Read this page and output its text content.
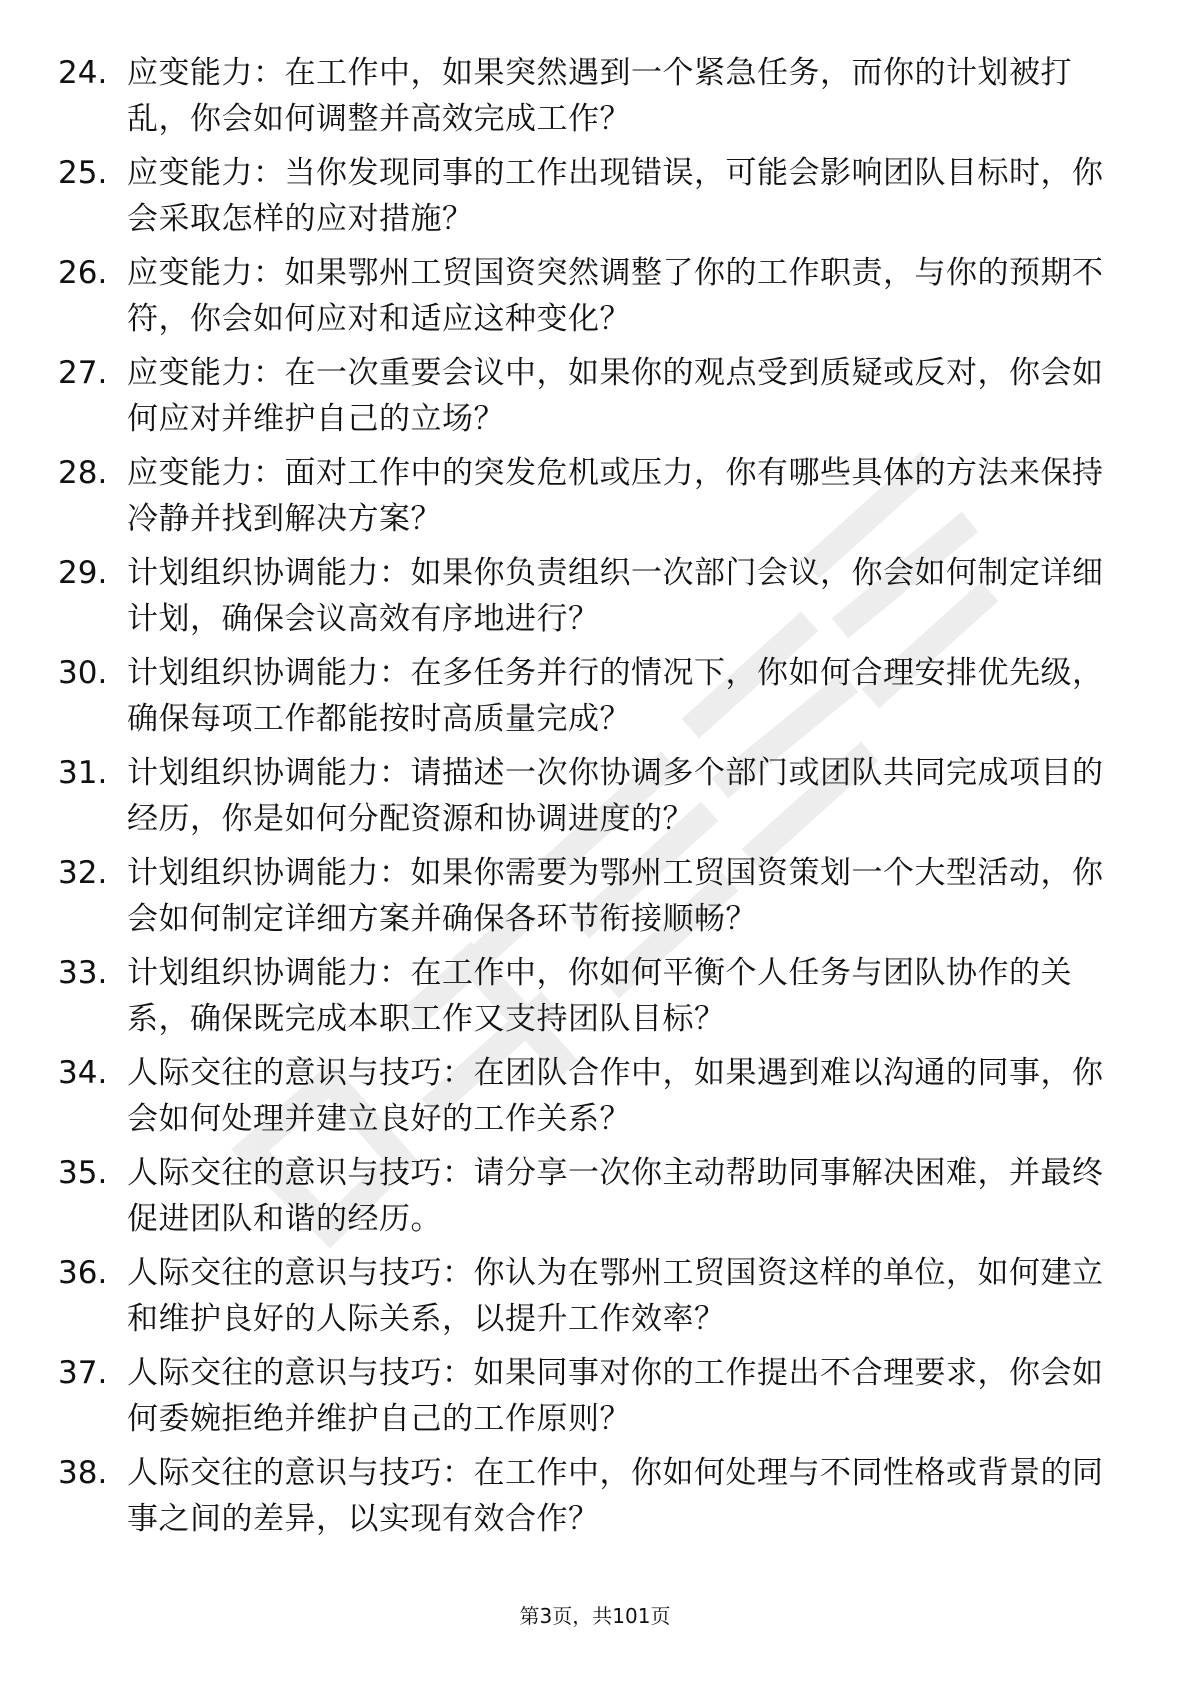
24. 应变能力：在工作中，如果突然遇到一个紧急任务，而你的计划被打乱，你会如何调整并高效完成工作？
25. 应变能力：当你发现同事的工作出现错误，可能会影响团队目标时，你会采取怎样的应对措施？
26. 应变能力：如果鄂州工贸国资突然调整了你的工作职责，与你的预期不符，你会如何应对和适应这种变化？
27. 应变能力：在一次重要会议中，如果你的观点受到质疑或反对，你会如何应对并维护自己的立场？
28. 应变能力：面对工作中的突发危机或压力，你有哪些具体的方法来保持冷静并找到解决方案？
29. 计划组织协调能力：如果你负责组织一次部门会议，你会如何制定详细计划，确保会议高效有序地进行？
30. 计划组织协调能力：在多任务并行的情况下，你如何合理安排优先级，确保每项工作都能按时高质量完成？
31. 计划组织协调能力：请描述一次你协调多个部门或团队共同完成项目的经历，你是如何分配资源和协调进度的？
32. 计划组织协调能力：如果你需要为鄂州工贸国资策划一个大型活动，你会如何制定详细方案并确保各环节衔接顺畅？
33. 计划组织协调能力：在工作中，你如何平衡个人任务与团队协作的关系，确保既完成本职工作又支持团队目标？
34. 人际交往的意识与技巧：在团队合作中，如果遇到难以沟通的同事，你会如何处理并建立良好的工作关系？
35. 人际交往的意识与技巧：请分享一次你主动帮助同事解决困难，并最终促进团队和谐的经历。
36. 人际交往的意识与技巧：你认为在鄂州工贸国资这样的单位，如何建立和维护良好的人际关系，以提升工作效率？
37. 人际交往的意识与技巧：如果同事对你的工作提出不合理要求，你会如何委婉拒绝并维护自己的工作原则？
38. 人际交往的意识与技巧：在工作中，你如何处理与不同性格或背景的同事之间的差异，以实现有效合作？
第3页，共101页
